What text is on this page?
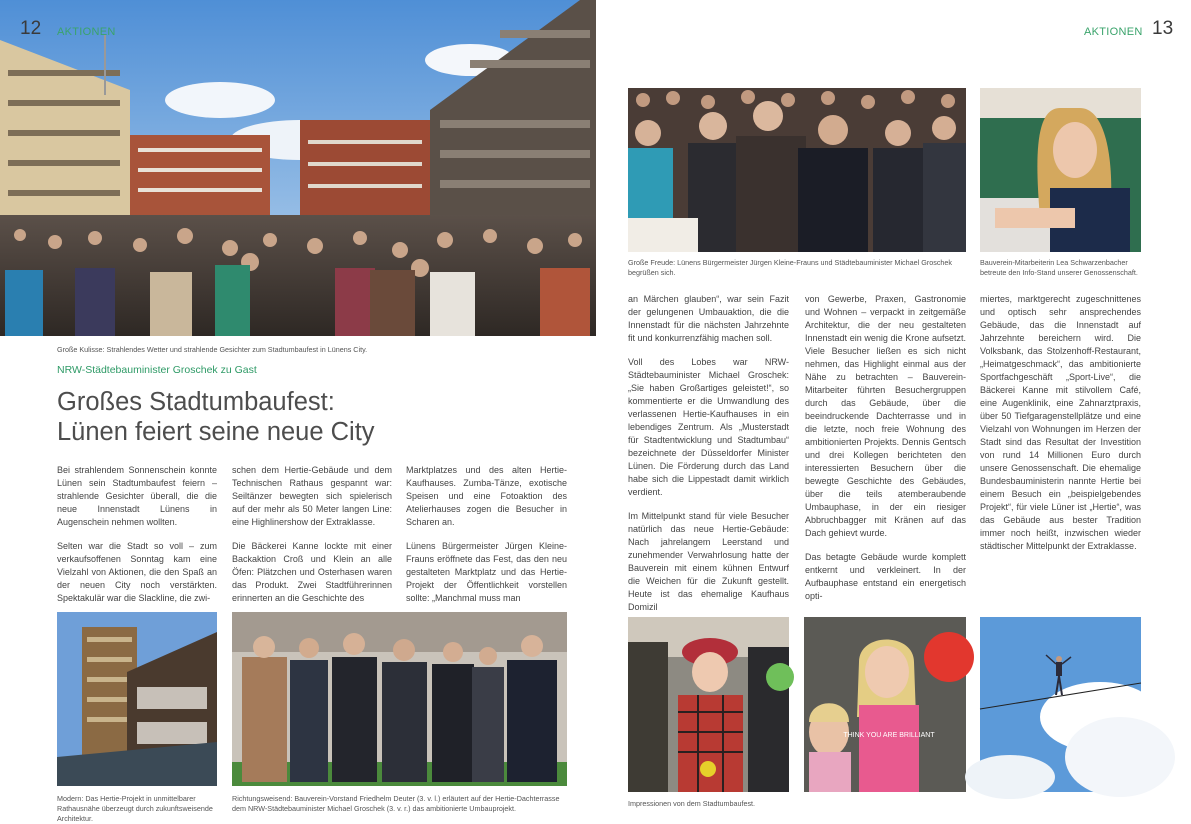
12 AKTIONEN
Große Kulisse: Strahlendes Wetter und strahlende Gesichter zum Stadtumbaufest in Lünens City.
NRW-Städtebauminister Groschek zu Gast
Großes Stadtumbaufest:
Lünen feiert seine neue City

Bei strahlendem Sonnenschein konnte Lünen sein Stadtumbaufest feiern – strahlende Gesichter überall, die die neue Innenstadt Lünens in Augenschein nehmen wollten.

Selten war die Stadt so voll – zum verkaufsoffenen Sonntag kam eine Vielzahl von Aktionen, die den Spaß an der neuen City noch verstärkten. Spektakulär war die Slackline, die zwi-

schen dem Hertie-Gebäude und dem Technischen Rathaus gespannt war: Seiltänzer bewegten sich spielerisch auf der mehr als 50 Meter langen Line: eine Highlinershow der Extraklasse.

Die Bäckerei Kanne lockte mit einer Backaktion Croß und Klein an alle Öfen: Plätzchen und Osterhasen waren das Produkt. Zwei Stadtführerinnen erinnerten an die Geschichte des

Marktplatzes und des alten Hertie-Kaufhauses. Zumba-Tänze, exotische Speisen und eine Fotoaktion des Atelierhauses zogen die Besucher in Scharen an.

Lünens Bürgermeister Jürgen Kleine-Frauns eröffnete das Fest, das den neu gestalteten Marktplatz und das Hertie-Projekt der Öffentlichkeit vorstellen sollte: „Manchmal muss man

Modern: Das Hertie-Projekt in unmittelbarer Rathausnähe überzeugt durch zukunftsweisende Architektur.
Richtungsweisend: Bauverein-Vorstand Friedhelm Deuter (3. v. l.) erläutert auf der Hertie-Dachterrasse dem NRW-Städtebauminister Michael Groschek (3. v. r.) das ambitionierte Umbauprojekt.
AKTIONEN 13
Große Freude: Lünens Bürgermeister Jürgen Kleine-Frauns und Städtebauminister Michael Groschek begrüßen sich.
Bauverein-Mitarbeiterin Lea Schwarzenbacher betreute den Info-Stand unserer Genossenschaft.

an Märchen glauben“, war sein Fazit der gelungenen Umbauaktion, die die Innenstadt für die nächsten Jahrzehnte fit und konkurrenzfähig machen soll.

Voll des Lobes war NRW-Städtebauminister Michael Groschek: „Sie haben Großartiges geleistet!“, so kommentierte er die Umwandlung des verlassenen Hertie-Kaufhauses in ein lebendiges Zentrum. Als „Musterstadt für Stadtentwicklung und Stadtumbau“ bezeichnete der Düsseldorfer Minister Lünen. Die Förderung durch das Land habe sich die Lippestadt damit wirklich verdient.

Im Mittelpunkt stand für viele Besucher natürlich das neue Hertie-Gebäude: Nach jahrelangem Leerstand und zunehmender Verwahrlosung hatte der Bauverein mit einem kühnen Entwurf die Weichen für die Zukunft gestellt. Heute ist das ehemalige Kaufhaus Domizil

von Gewerbe, Praxen, Gastronomie und Wohnen – verpackt in zeitgemäße Architektur, die der neu gestalteten Innenstadt ein wenig die Krone aufsetzt. Viele Besucher ließen es sich nicht nehmen, das Highlight einmal aus der Nähe zu betrachten – Bauverein-Mitarbeiter führten Besuchergruppen durch das Gebäude, über die beeindruckende Dachterrasse und in die letzte, noch freie Wohnung des ambitionierten Projekts. Dennis Gentsch und drei Kollegen berichteten den interessierten Besuchern über die bewegte Geschichte des Gebäudes, über die teils atemberaubende Umbauphase, in der ein riesiger Abbruchbagger mit Kränen auf das Dach gehievt wurde.

Das betagte Gebäude wurde komplett entkernt und verkleinert. In der Aufbauphase entstand ein energetisch opti-

miertes, marktgerecht zugeschnittenes und optisch sehr ansprechendes Gebäude, das die Innenstadt auf Jahrzehnte bereichern wird. Die Volksbank, das Stolzenhoff-Restaurant, „Heimatgeschmack“, das ambitionierte Sportfachgeschäft „Sport-Live“, die Bäckerei Kanne mit stilvollem Café, eine Augenklinik, eine Zahnarztpraxis, über 50 Tiefgaragenstellplätze und eine Vielzahl von Wohnungen im Herzen der Stadt sind das Resultat der Investition von rund 14 Millionen Euro durch unsere Genossenschaft. Die ehemalige Bundesbauministerin nannte Hertie bei einem Besuch ein „beispielgebendes Projekt“, für viele Lüner ist „Hertie“, was das Gebäude aus bester Tradition immer noch heißt, inzwischen wieder städtischer Mittelpunkt der Extraklasse.

THINK YOU ARE BRILLIANT
Impressionen von dem Stadtumbaufest.
